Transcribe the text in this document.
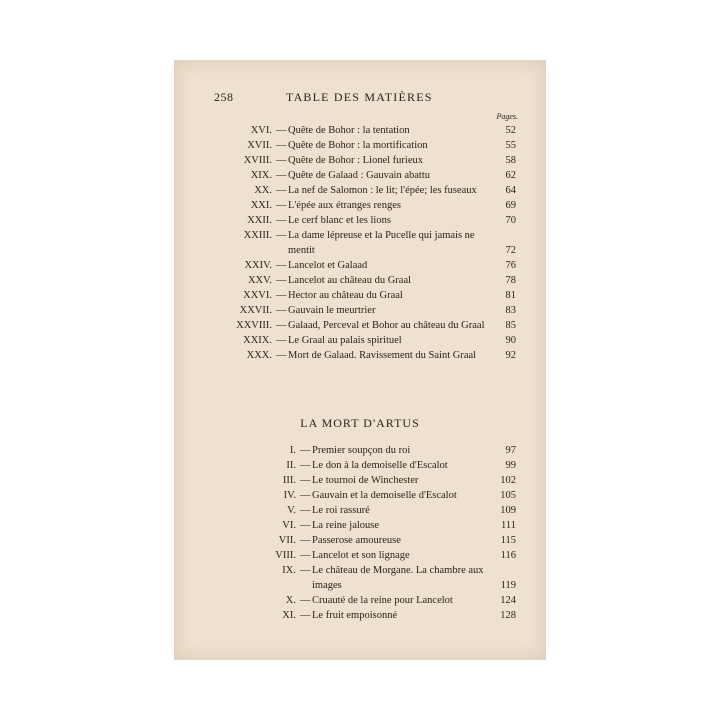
258	TABLE DES MATIÈRES
Pages.
XVI. — Quête de Bohor : la tentation	52
XVII. — Quête de Bohor : la mortification	55
XVIII. — Quête de Bohor : Lionel furieux	58
XIX. — Quête de Galaad : Gauvain abattu	62
XX. — La nef de Salomon : le lit; l'épée; les fuseaux	64
XXI. — L'épée aux étranges renges	69
XXII. — Le cerf blanc et les lions	70
XXIII. — La dame lépreuse et la Pucelle qui jamais ne mentit	72
XXIV. — Lancelot et Galaad	76
XXV. — Lancelot au château du Graal	78
XXVI. — Hector au château du Graal	81
XXVII. — Gauvain le meurtrier	83
XXVIII. — Galaad, Perceval et Bohor au château du Graal	85
XXIX. — Le Graal au palais spirituel	90
XXX. — Mort de Galaad. Ravissement du Saint Graal	92
LA MORT D'ARTUS
I. — Premier soupçon du roi	97
II. — Le don à la demoiselle d'Escalot	99
III. — Le tournoi de Winchester	102
IV. — Gauvain et la demoiselle d'Escalot	105
V. — Le roi rassuré	109
VI. — La reine jalouse	111
VII. — Passerose amoureuse	115
VIII. — Lancelot et son lignage	116
IX. — Le château de Morgane. La chambre aux images	119
X. — Cruauté de la reine pour Lancelot	124
XI. — Le fruit empoisonné	128
